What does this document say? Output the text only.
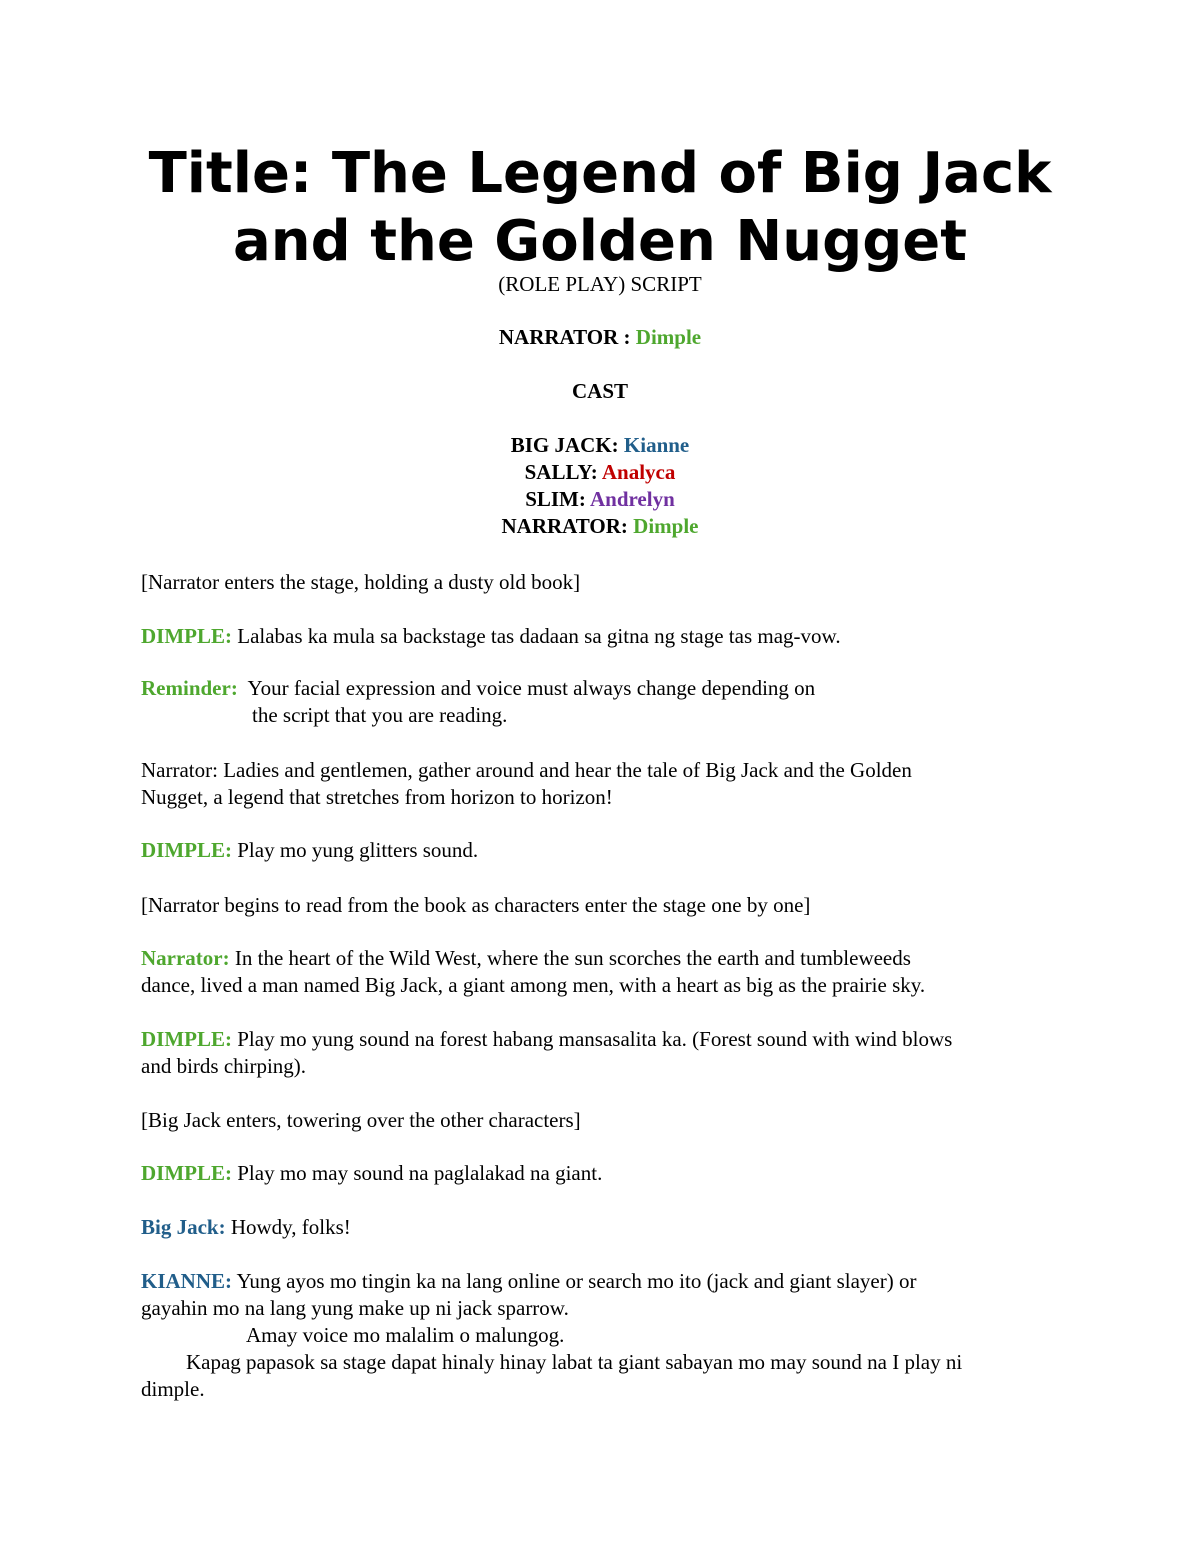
Title: The Legend of Big Jack
and the Golden Nugget
(ROLE PLAY) SCRIPT
NARRATOR : Dimple
CAST
BIG JACK: Kianne
SALLY: Analyca
SLIM: Andrelyn
NARRATOR: Dimple
[Narrator enters the stage, holding a dusty old book]
DIMPLE: Lalabas ka mula sa backstage tas dadaan sa gitna ng stage tas mag-vow.
Reminder:  Your facial expression and voice must always change depending on
the script that you are reading.
Narrator: Ladies and gentlemen, gather around and hear the tale of Big Jack and the Golden
Nugget, a legend that stretches from horizon to horizon!
DIMPLE: Play mo yung glitters sound.
[Narrator begins to read from the book as characters enter the stage one by one]
Narrator: In the heart of the Wild West, where the sun scorches the earth and tumbleweeds
dance, lived a man named Big Jack, a giant among men, with a heart as big as the prairie sky.
DIMPLE: Play mo yung sound na forest habang mansasalita ka. (Forest sound with wind blows
and birds chirping).
[Big Jack enters, towering over the other characters]
DIMPLE: Play mo may sound na paglalakad na giant.
Big Jack: Howdy, folks!
KIANNE: Yung ayos mo tingin ka na lang online or search mo ito (jack and giant slayer) or
gayahin mo na lang yung make up ni jack sparrow.
Amay voice mo malalim o malungog.
Kapag papasok sa stage dapat hinaly hinay labat ta giant sabayan mo may sound na I play ni
dimple.
